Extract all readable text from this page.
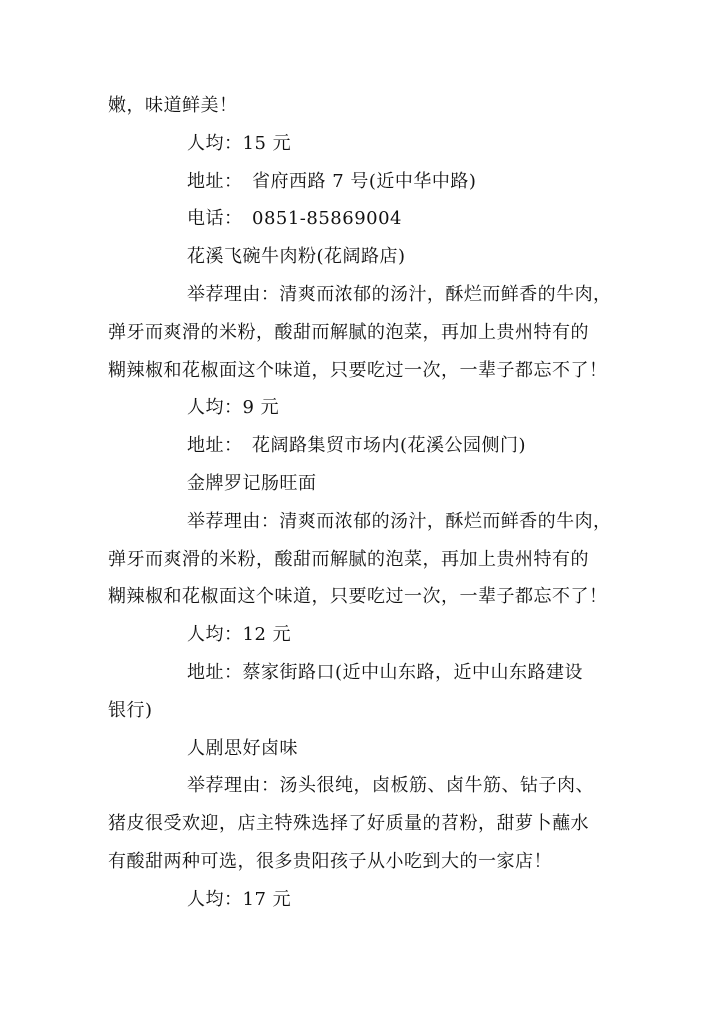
嫩，味道鲜美！
人均：15 元
地址：　省府西路 7 号(近中华中路)
电话：　0851-85869004
花溪飞碗牛肉粉(花阔路店)
举荐理由：清爽而浓郁的汤汁，酥烂而鲜香的牛肉，
弹牙而爽滑的米粉，酸甜而解腻的泡菜，再加上贵州特有的
糊辣椒和花椒面这个味道，只要吃过一次，一辈子都忘不了！
人均：9 元
地址：　花阔路集贸市场内(花溪公园侧门)
金牌罗记肠旺面
举荐理由：清爽而浓郁的汤汁，酥烂而鲜香的牛肉，
弹牙而爽滑的米粉，酸甜而解腻的泡菜，再加上贵州特有的
糊辣椒和花椒面这个味道，只要吃过一次，一辈子都忘不了！
人均：12 元
地址：蔡家街路口(近中山东路，近中山东路建设
银行)
人剧思好卤味
举荐理由：汤头很纯，卤板筋、卤牛筋、钻子肉、
猪皮很受欢迎，店主特殊选择了好质量的苕粉，甜萝卜蘸水
有酸甜两种可选，很多贵阳孩子从小吃到大的一家店！
人均：17 元
